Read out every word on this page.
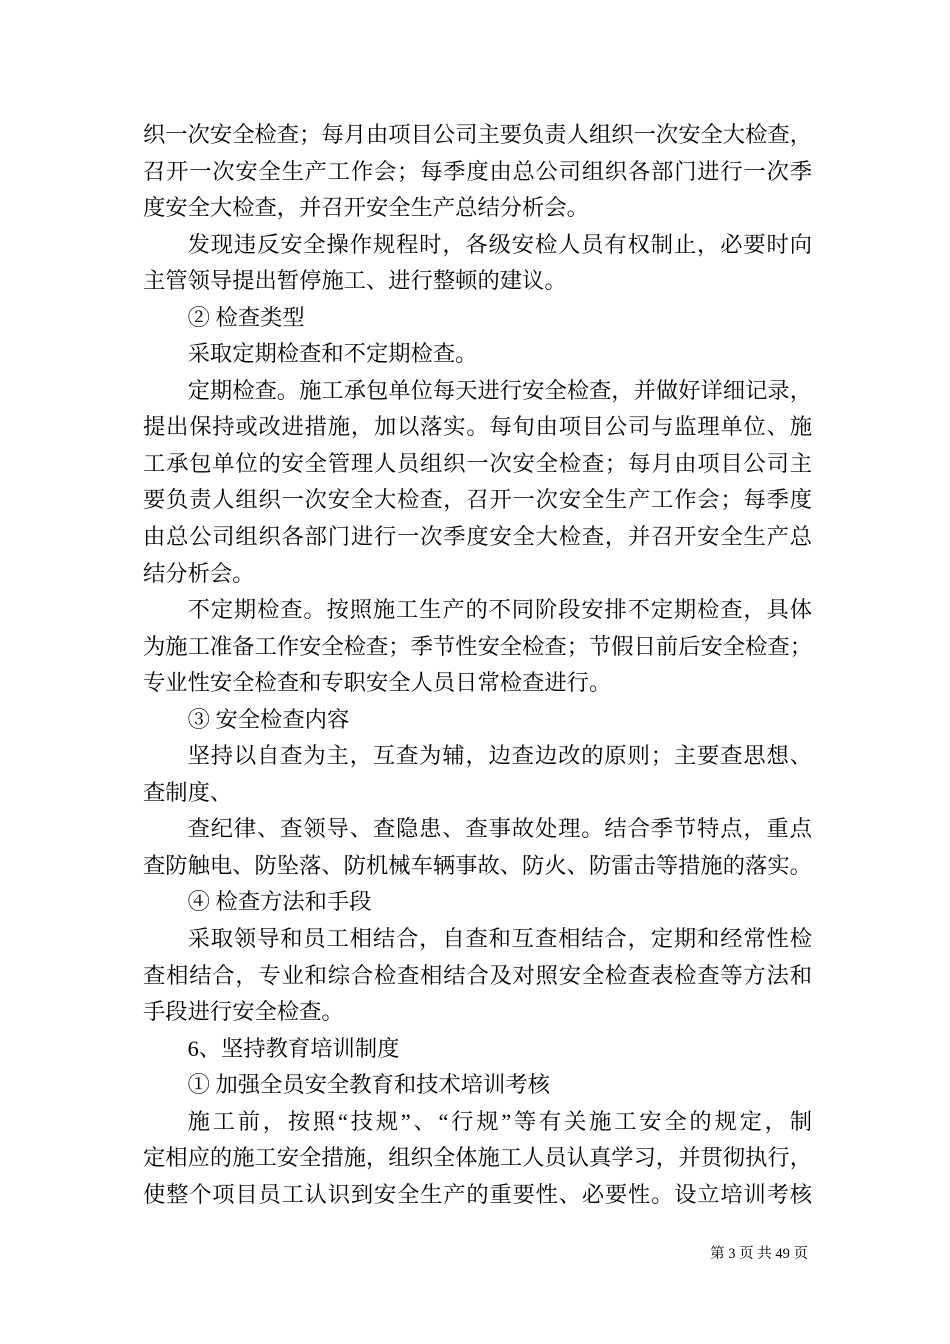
织一次安全检查；每月由项目公司主要负责人组织一次安全大检查，
召开一次安全生产工作会；每季度由总公司组织各部门进行一次季
度安全大检查，并召开安全生产总结分析会。
发现违反安全操作规程时，各级安检人员有权制止，必要时向
主管领导提出暂停施工、进行整顿的建议。
② 检查类型
采取定期检查和不定期检查。
定期检查。施工承包单位每天进行安全检查，并做好详细记录，
提出保持或改进措施，加以落实。每旬由项目公司与监理单位、施
工承包单位的安全管理人员组织一次安全检查；每月由项目公司主
要负责人组织一次安全大检查，召开一次安全生产工作会；每季度
由总公司组织各部门进行一次季度安全大检查，并召开安全生产总
结分析会。
不定期检查。按照施工生产的不同阶段安排不定期检查，具体
为施工准备工作安全检查；季节性安全检查；节假日前后安全检查；
专业性安全检查和专职安全人员日常检查进行。
③ 安全检查内容
坚持以自查为主，互查为辅，边查边改的原则；主要查思想、
查制度、
查纪律、查领导、查隐患、查事故处理。结合季节特点，重点
查防触电、防坠落、防机械车辆事故、防火、防雷击等措施的落实。
④ 检查方法和手段
采取领导和员工相结合，自查和互查相结合，定期和经常性检
查相结合，专业和综合检查相结合及对照安全检查表检查等方法和
手段进行安全检查。
6、坚持教育培训制度
① 加强全员安全教育和技术培训考核
施工前，按照“技规”、“行规”等有关施工安全的规定，制
定相应的施工安全措施，组织全体施工人员认真学习，并贯彻执行，
使整个项目员工认识到安全生产的重要性、必要性。设立培训考核
第 3 页 共 49 页
